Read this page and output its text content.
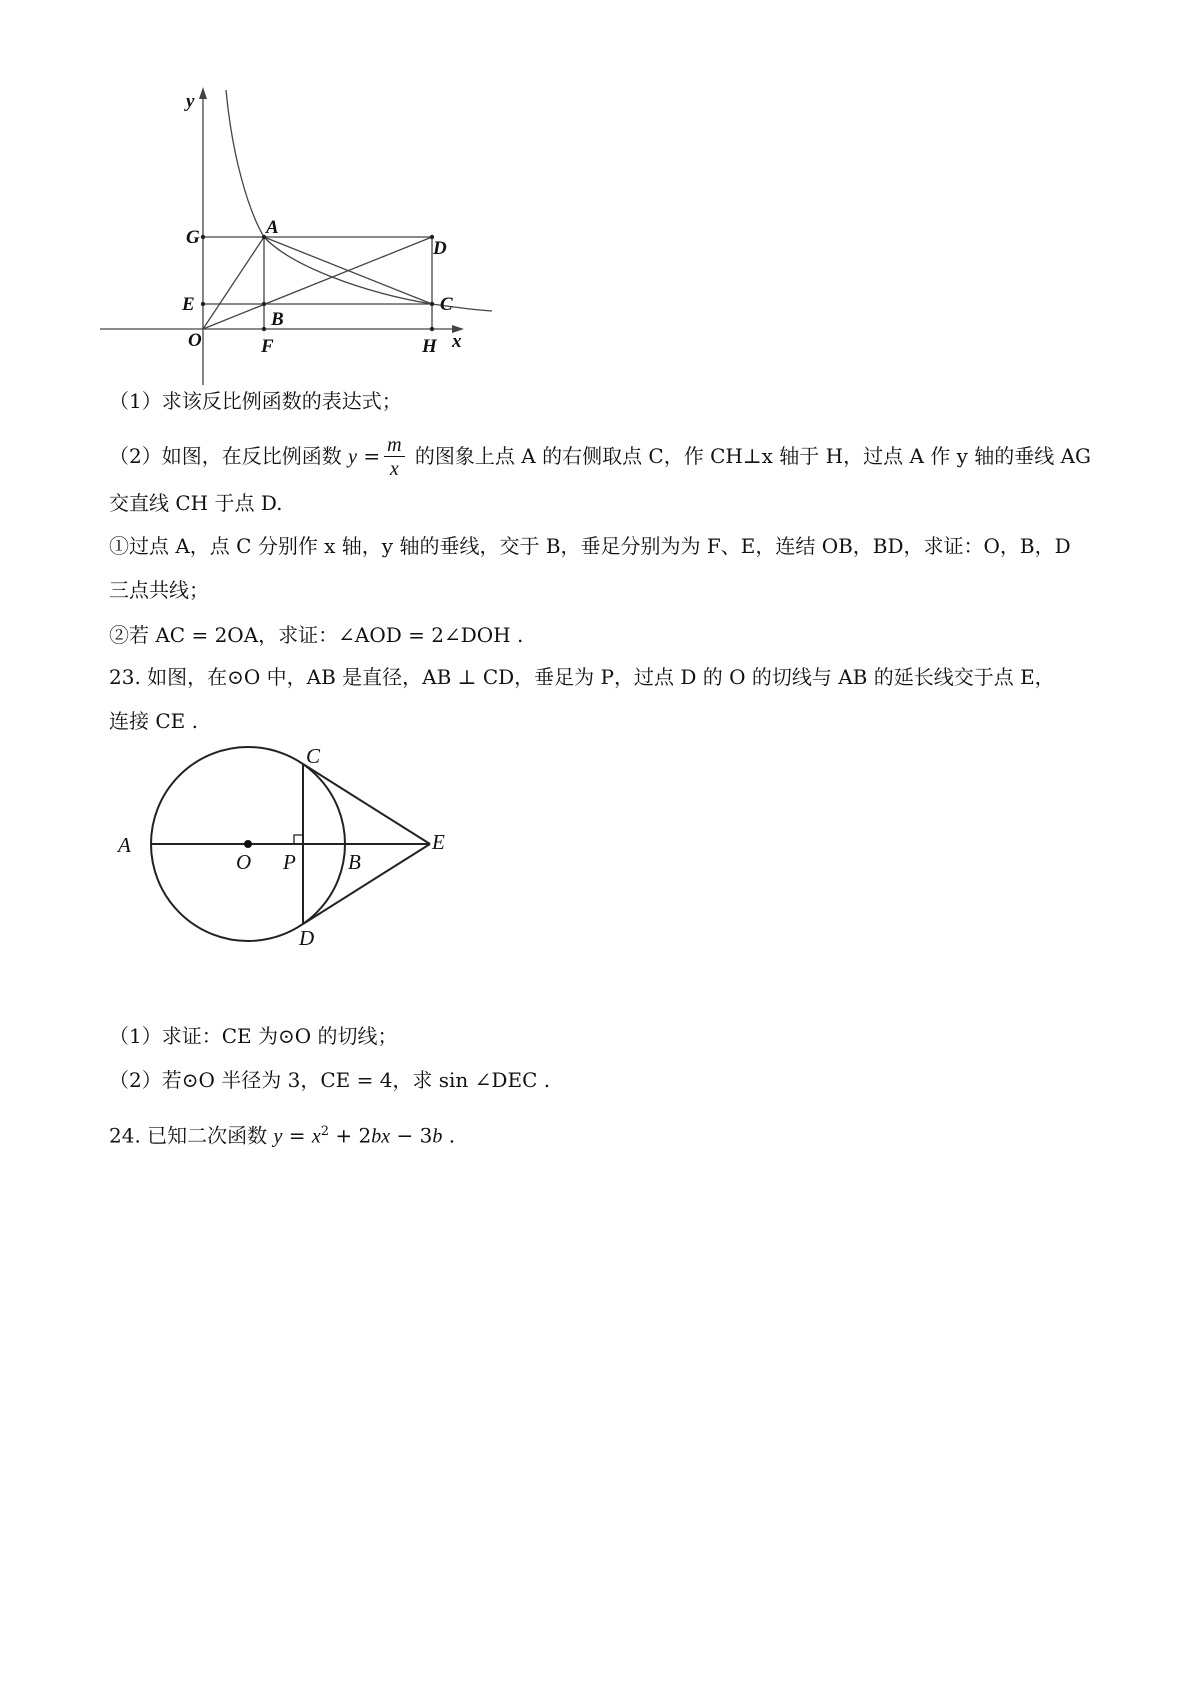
y
G	A
D
E	C
B
O	F	H x
（1）求该反比例函数的表达式；
（2）如图，在反比例函数 $y = \frac{m}{x}$ 的图象上点 A 的右侧取点 C，作 CH⊥x 轴于 H，过点 A 作 y 轴的垂线 AG
交直线 CH 于点 D.
①过点 A，点 C 分别作 x 轴，y 轴的垂线，交于 B，垂足分别为为 F、E，连结 OB，BD，求证：O，B，D
三点共线；
②若 AC = 2OA，求证：∠AOD = 2∠DOH .
23. 如图，在⊙O 中，AB 是直径，AB ⊥ CD，垂足为 P，过点 D 的 O 的切线与 AB 的延长线交于点 E，
连接 CE .
A
O P B
E
C
D
（1）求证：CE 为⊙O 的切线；
（2）若⊙O 半径为 3，CE = 4，求 sin ∠DEC .
24. 已知二次函数 $y = x^2 + 2bx - 3b$ .
